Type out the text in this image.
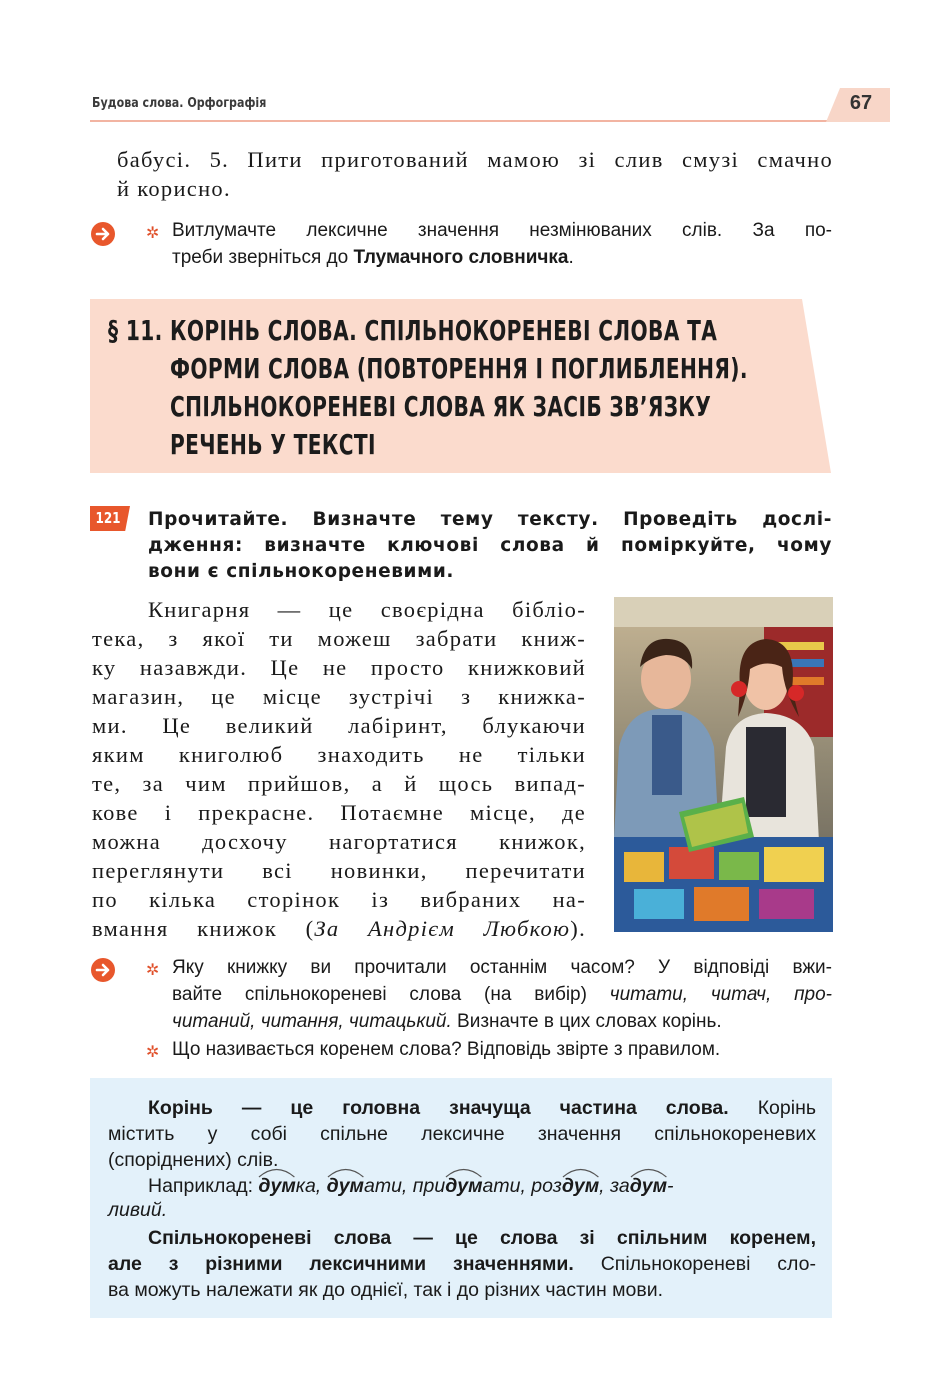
Будова слова. Орфографія	67
бабусі. 5. Пити приготований мамою зі слив смузі смачно
й корисно.
✲ Витлумачте лексичне значення незмінюваних слів. За по-
треби зверніться до Тлумачного словничка.
§ 11. КОРІНЬ СЛОВА. СПІЛЬНОКОРЕНЕВІ СЛОВА ТА
ФОРМИ СЛОВА (ПОВТОРЕННЯ І ПОГЛИБЛЕННЯ).
СПІЛЬНОКОРЕНЕВІ СЛОВА ЯК ЗАСІБ ЗВ’ЯЗКУ
РЕЧЕНЬ У ТЕКСТІ
121 Прочитайте. Визначте тему тексту. Проведіть дослі-
дження: визначте ключові слова й поміркуйте, чому
вони є спільнокореневими.
Книгарня — це своєрідна бібліо-
тека, з якої ти можеш забрати книж-
ку назавжди. Це не просто книжковий
магазин, це місце зустрічі з книжка-
ми. Це великий лабіринт, блукаючи
яким книголюб знаходить не тільки
те, за чим прийшов, а й щось випад-
кове і прекрасне. Потаємне місце, де
можна досхочу нагортатися книжок,
переглянути всі новинки, перечитати
по кілька сторінок із вибраних на-
вмання книжок (За Андрієм Любкою).
✲ Яку книжку ви прочитали останнім часом? У відповіді вжи-
вайте спільнокореневі слова (на вибір) читати, читач, про-
читаний, читання, читацький. Визначте в цих словах корінь.
✲ Що називається коренем слова? Відповідь звірте з правилом.
Корінь — це головна значуща частина слова. Корінь
містить у собі спільне лексичне значення спільнокореневих
(споріднених) слів.
Наприклад: дум
ка, дум
ати, придум
ати, роздум
, задум
-
ливий.
Спільнокореневі слова — це слова зі спільним коренем,
але з різними лексичними значеннями. Спільнокореневі сло-
ва можуть належати як до однієї, так і до різних частин мови.
